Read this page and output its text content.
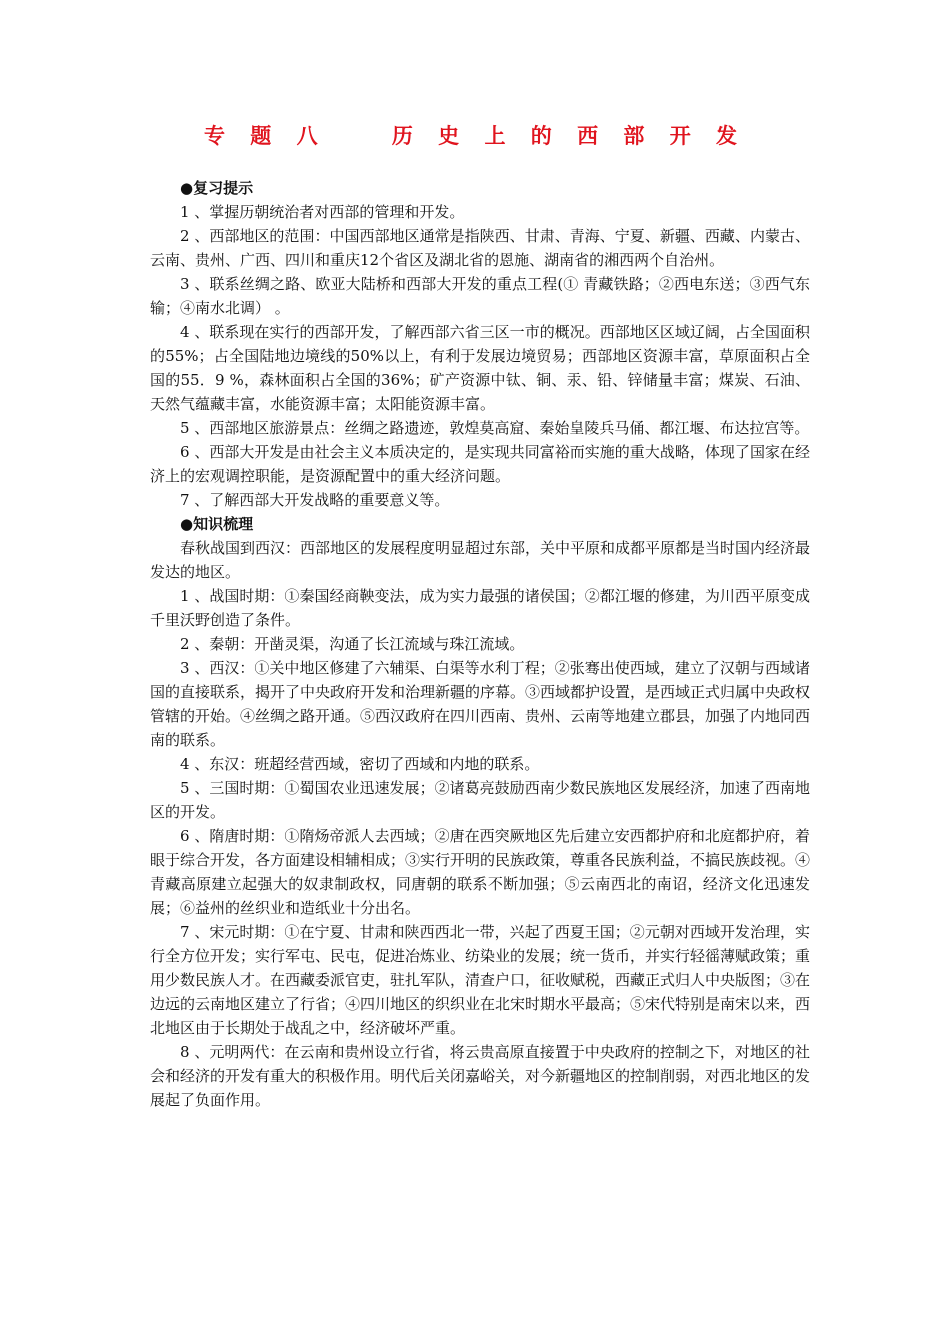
专 题 八    历 史 上 的 西 部 开 发

●复习提示

1 、掌握历朝统治者对西部的管理和开发。

2 、西部地区的范围：中国西部地区通常是指陕西、甘肃、青海、宁夏、新疆、西藏、内蒙古、云南、贵州、广西、四川和重庆12个省区及湖北省的恩施、湖南省的湘西两个自治州。

3 、联系丝绸之路、欧亚大陆桥和西部大开发的重点工程(① 青藏铁路；②西电东送；③西气东输；④南水北调） 。

4 、联系现在实行的西部开发，了解西部六省三区一市的概况。西部地区区域辽阔，占全国面积的55%；占全国陆地边境线的50%以上，有利于发展边境贸易；西部地区资源丰富，草原面积占全国的55．9 %，森林面积占全国的36%；矿产资源中钛、铜、汞、铅、锌储量丰富；煤炭、石油、天然气蕴藏丰富，水能资源丰富；太阳能资源丰富。

5 、西部地区旅游景点：丝绸之路遗迹，敦煌莫高窟、秦始皇陵兵马俑、都江堰、布达拉宫等。

6 、西部大开发是由社会主义本质决定的，是实现共同富裕而实施的重大战略，体现了国家在经济上的宏观调控职能，是资源配置中的重大经济问题。

7 、了解西部大开发战略的重要意义等。

●知识梳理

春秋战国到西汉：西部地区的发展程度明显超过东部，关中平原和成都平原都是当时国内经济最发达的地区。

1 、战国时期：①秦国经商鞅变法，成为实力最强的诸侯国；②都江堰的修建，为川西平原变成千里沃野创造了条件。

2 、秦朝：开凿灵渠，沟通了长江流域与珠江流域。

3 、西汉：①关中地区修建了六辅渠、白渠等水利丁程；②张骞出使西域，建立了汉朝与西域诸国的直接联系，揭开了中央政府开发和治理新疆的序幕。③西域都护设置，是西域正式归属中央政权管辖的开始。④丝绸之路开通。⑤西汉政府在四川西南、贵州、云南等地建立郡县，加强了内地同西南的联系。

4 、东汉：班超经营西域，密切了西域和内地的联系。

5 、三国时期：①蜀国农业迅速发展；②诸葛亮鼓励西南少数民族地区发展经济，加速了西南地区的开发。

6 、隋唐时期：①隋炀帝派人去西域；②唐在西突厥地区先后建立安西都护府和北庭都护府，着眼于综合开发，各方面建设相辅相成；③实行开明的民族政策，尊重各民族利益，不搞民族歧视。④青藏高原建立起强大的奴隶制政权，同唐朝的联系不断加强；⑤云南西北的南诏，经济文化迅速发展；⑥益州的丝织业和造纸业十分出名。

7 、宋元时期：①在宁夏、甘肃和陕西西北一带，兴起了西夏王国；②元朝对西域开发治理，实行全方位开发；实行军屯、民屯，促进冶炼业、纺染业的发展；统一货币，并实行轻徭薄赋政策；重用少数民族人才。在西藏委派官吏，驻扎军队，清查户口，征收赋税，西藏正式归人中央版图；③在边远的云南地区建立了行省；④四川地区的织织业在北宋时期水平最高；⑤宋代特别是南宋以来，西北地区由于长期处于战乱之中，经济破坏严重。

8 、元明两代：在云南和贵州设立行省，将云贵高原直接置于中央政府的控制之下，对地区的社会和经济的开发有重大的积极作用。明代后关闭嘉峪关，对今新疆地区的控制削弱，对西北地区的发展起了负面作用。
